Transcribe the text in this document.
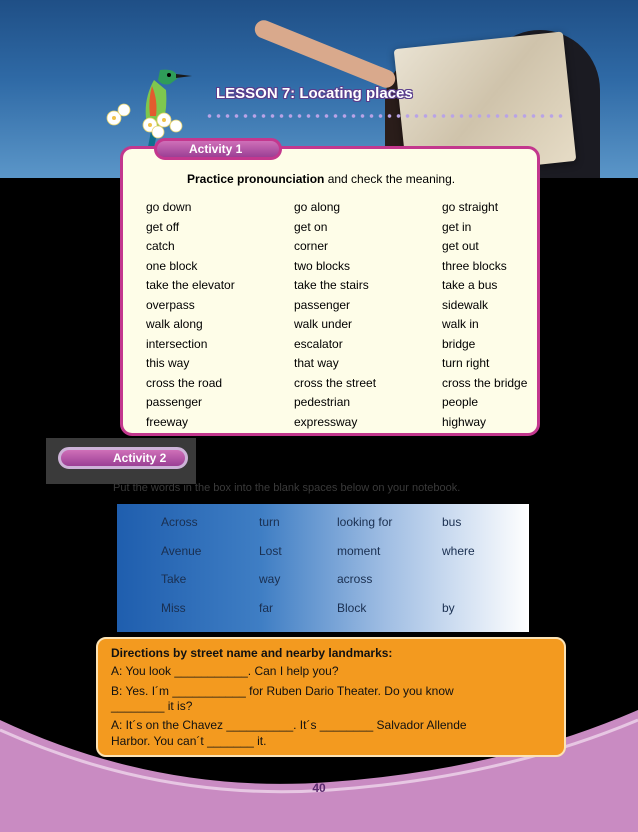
LESSON 7: Locating places
Activity 1
Practice pronounciation and check the meaning.
go down	go along	go straight
get off	get on	get in
catch	corner	get out
one block	two blocks	three blocks
take the elevator	take the stairs	take a bus
overpass	passenger	sidewalk
walk along	walk under	walk in
intersection	escalator	bridge
this way	that way	turn right
cross the road	cross the street	cross the bridge
passenger	pedestrian	people
freeway	expressway	highway
Activity 2
Put the words in the box into the blank spaces below on your notebook.
Across	turn	looking for	bus
Avenue	Lost	moment	where
Take	way	across
Miss	far	Block	by
Directions by street name and nearby landmarks:
A: You look ___________. Can I help you?
B: Yes. I´m ___________ for Ruben Dario Theater. Do you know
________ it is?
A: It´s on the Chavez __________. It´s ________ Salvador Allende
Harbor. You can´t _______ it.
40
